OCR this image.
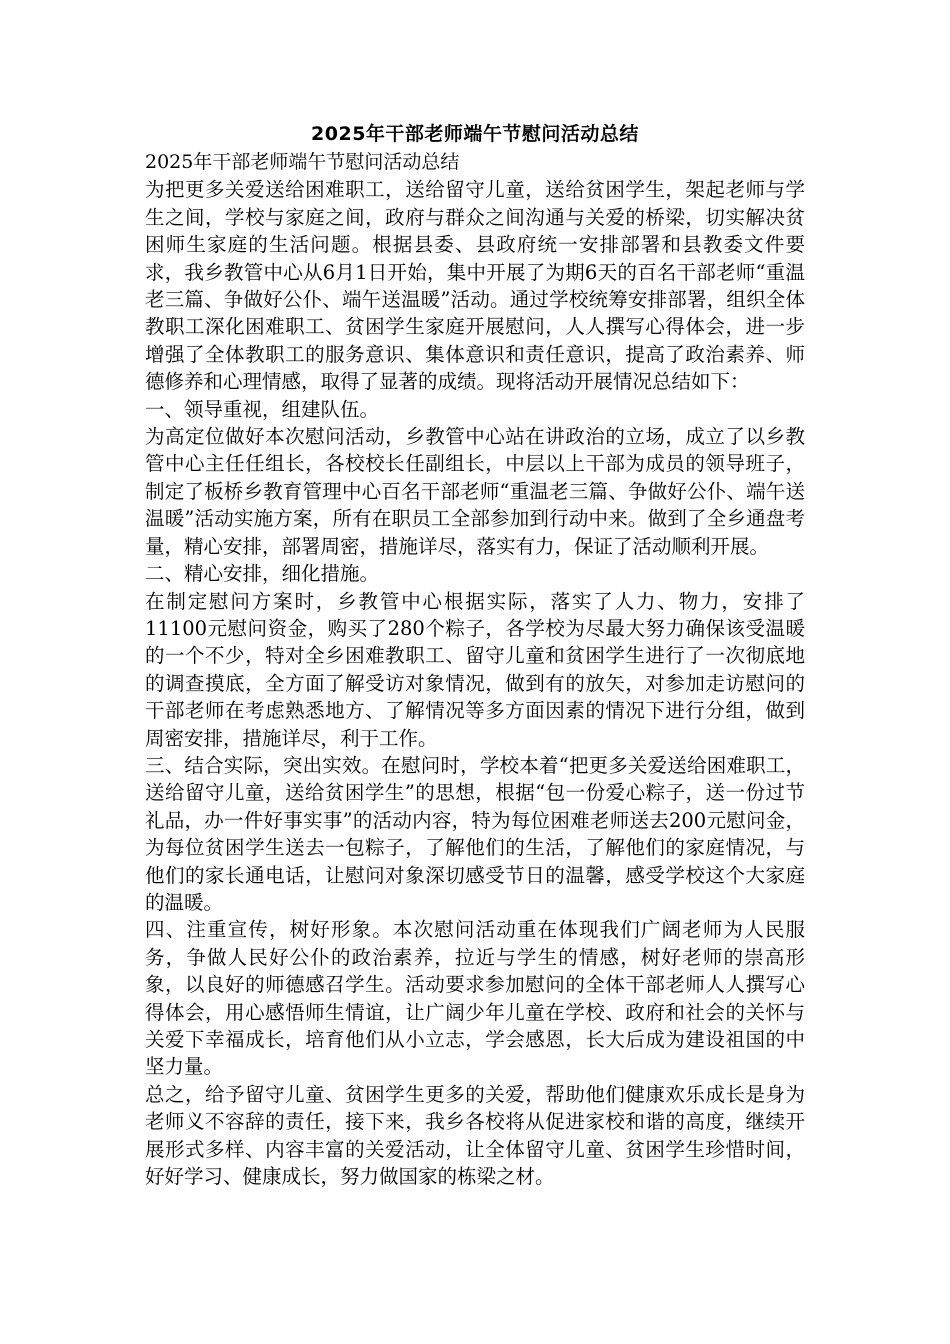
2025年干部老师端午节慰问活动总结

2025年干部老师端午节慰问活动总结

为把更多关爱送给困难职工，送给留守儿童，送给贫困学生，架起老师与学生之间，学校与家庭之间，政府与群众之间沟通与关爱的桥梁，切实解决贫困师生家庭的生活问题。根据县委、县政府统一安排部署和县教委文件要求，我乡教管中心从6月1日开始，集中开展了为期6天的百名干部老师“重温老三篇、争做好公仆、端午送温暖”活动。通过学校统筹安排部署，组织全体教职工深化困难职工、贫困学生家庭开展慰问，人人撰写心得体会，进一步增强了全体教职工的服务意识、集体意识和责任意识，提高了政治素养、师德修养和心理情感，取得了显著的成绩。现将活动开展情况总结如下：

一、领导重视，组建队伍。

为高定位做好本次慰问活动，乡教管中心站在讲政治的立场，成立了以乡教管中心主任任组长，各校校长任副组长，中层以上干部为成员的领导班子，制定了板桥乡教育管理中心百名干部老师“重温老三篇、争做好公仆、端午送温暖”活动实施方案，所有在职员工全部参加到行动中来。做到了全乡通盘考量，精心安排，部署周密，措施详尽，落实有力，保证了活动顺利开展。

二、精心安排，细化措施。

在制定慰问方案时，乡教管中心根据实际，落实了人力、物力，安排了11100元慰问资金，购买了280个粽子，各学校为尽最大努力确保该受温暖的一个不少，特对全乡困难教职工、留守儿童和贫困学生进行了一次彻底地的调查摸底，全方面了解受访对象情况，做到有的放矢，对参加走访慰问的干部老师在考虑熟悉地方、了解情况等多方面因素的情况下进行分组，做到周密安排，措施详尽，利于工作。

三、结合实际，突出实效。在慰问时，学校本着“把更多关爱送给困难职工，送给留守儿童，送给贫困学生”的思想，根据“包一份爱心粽子，送一份过节礼品，办一件好事实事”的活动内容，特为每位困难老师送去200元慰问金，为每位贫困学生送去一包粽子，了解他们的生活，了解他们的家庭情况，与他们的家长通电话，让慰问对象深切感受节日的温馨，感受学校这个大家庭的温暖。

四、注重宣传，树好形象。本次慰问活动重在体现我们广阔老师为人民服务，争做人民好公仆的政治素养，拉近与学生的情感，树好老师的崇高形象，以良好的师德感召学生。活动要求参加慰问的全体干部老师人人撰写心得体会，用心感悟师生情谊，让广阔少年儿童在学校、政府和社会的关怀与关爱下幸福成长，培育他们从小立志，学会感恩，长大后成为建设祖国的中坚力量。

总之，给予留守儿童、贫困学生更多的关爱，帮助他们健康欢乐成长是身为老师义不容辞的责任，接下来，我乡各校将从促进家校和谐的高度，继续开展形式多样、内容丰富的关爱活动，让全体留守儿童、贫困学生珍惜时间，好好学习、健康成长，努力做国家的栋梁之材。
